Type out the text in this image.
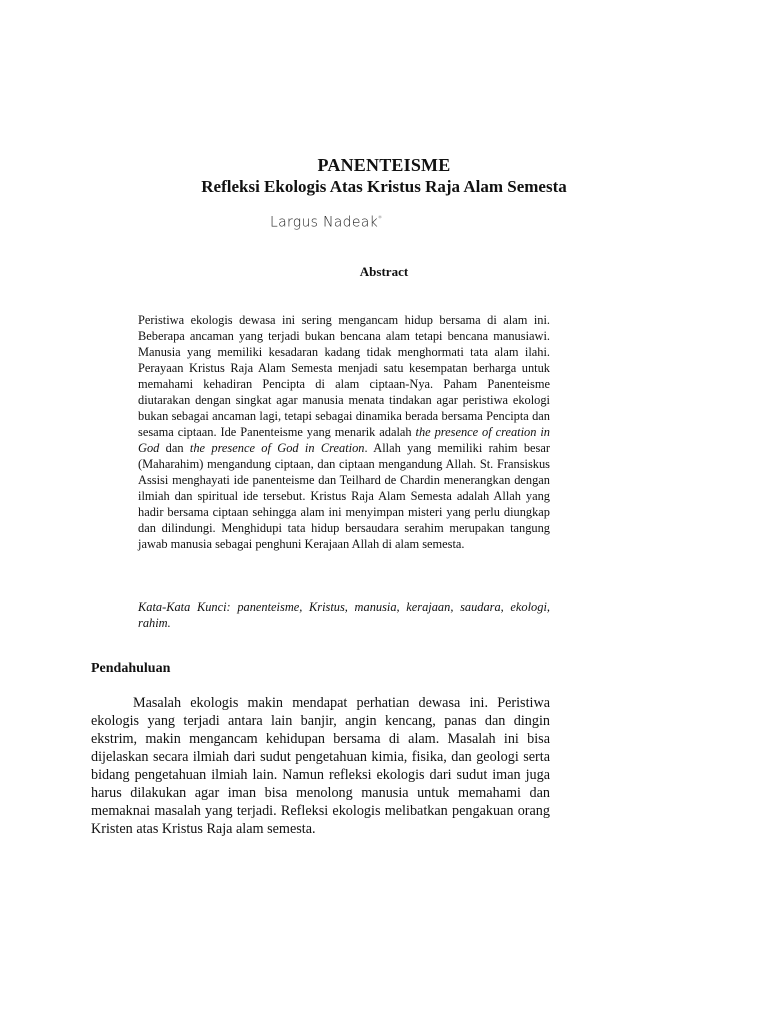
PANENTEISME
Refleksi Ekologis Atas Kristus Raja Alam Semesta
Largus Nadeak*
Abstract

Peristiwa ekologis dewasa ini sering mengancam hidup bersama di alam ini. Beberapa ancaman yang terjadi bukan bencana alam tetapi bencana manusiawi. Manusia yang memiliki kesadaran kadang tidak menghormati tata alam ilahi. Perayaan Kristus Raja Alam Semesta menjadi satu kesempatan berharga untuk memahami kehadiran Pencipta di alam ciptaan-Nya. Paham Panenteisme diutarakan dengan singkat agar manusia menata tindakan agar peristiwa ekologi bukan sebagai ancaman lagi, tetapi sebagai dinamika berada bersama Pencipta dan sesama ciptaan. Ide Panenteisme yang menarik adalah the presence of creation in God dan the presence of God in Creation. Allah yang memiliki rahim besar (Maharahim) mengandung ciptaan, dan ciptaan mengandung Allah. St. Fransiskus Assisi menghayati ide panenteisme dan Teilhard de Chardin menerangkan dengan ilmiah dan spiritual ide tersebut. Kristus Raja Alam Semesta adalah Allah yang hadir bersama ciptaan sehingga alam ini menyimpan misteri yang perlu diungkap dan dilindungi. Menghidupi tata hidup bersaudara serahim merupakan tangung jawab manusia sebagai penghuni Kerajaan Allah di alam semesta.

Kata-Kata Kunci: panenteisme, Kristus, manusia, kerajaan, saudara, ekologi, rahim.
Pendahuluan

Masalah ekologis makin mendapat perhatian dewasa ini. Peristiwa ekologis yang terjadi antara lain banjir, angin kencang, panas dan dingin ekstrim, makin mengancam kehidupan bersama di alam. Masalah ini bisa dijelaskan secara ilmiah dari sudut pengetahuan kimia, fisika, dan geologi serta bidang pengetahuan ilmiah lain. Namun refleksi ekologis dari sudut iman juga harus dilakukan agar iman bisa menolong manusia untuk memahami dan memaknai masalah yang terjadi. Refleksi ekologis melibatkan pengakuan orang Kristen atas Kristus Raja alam semesta.
